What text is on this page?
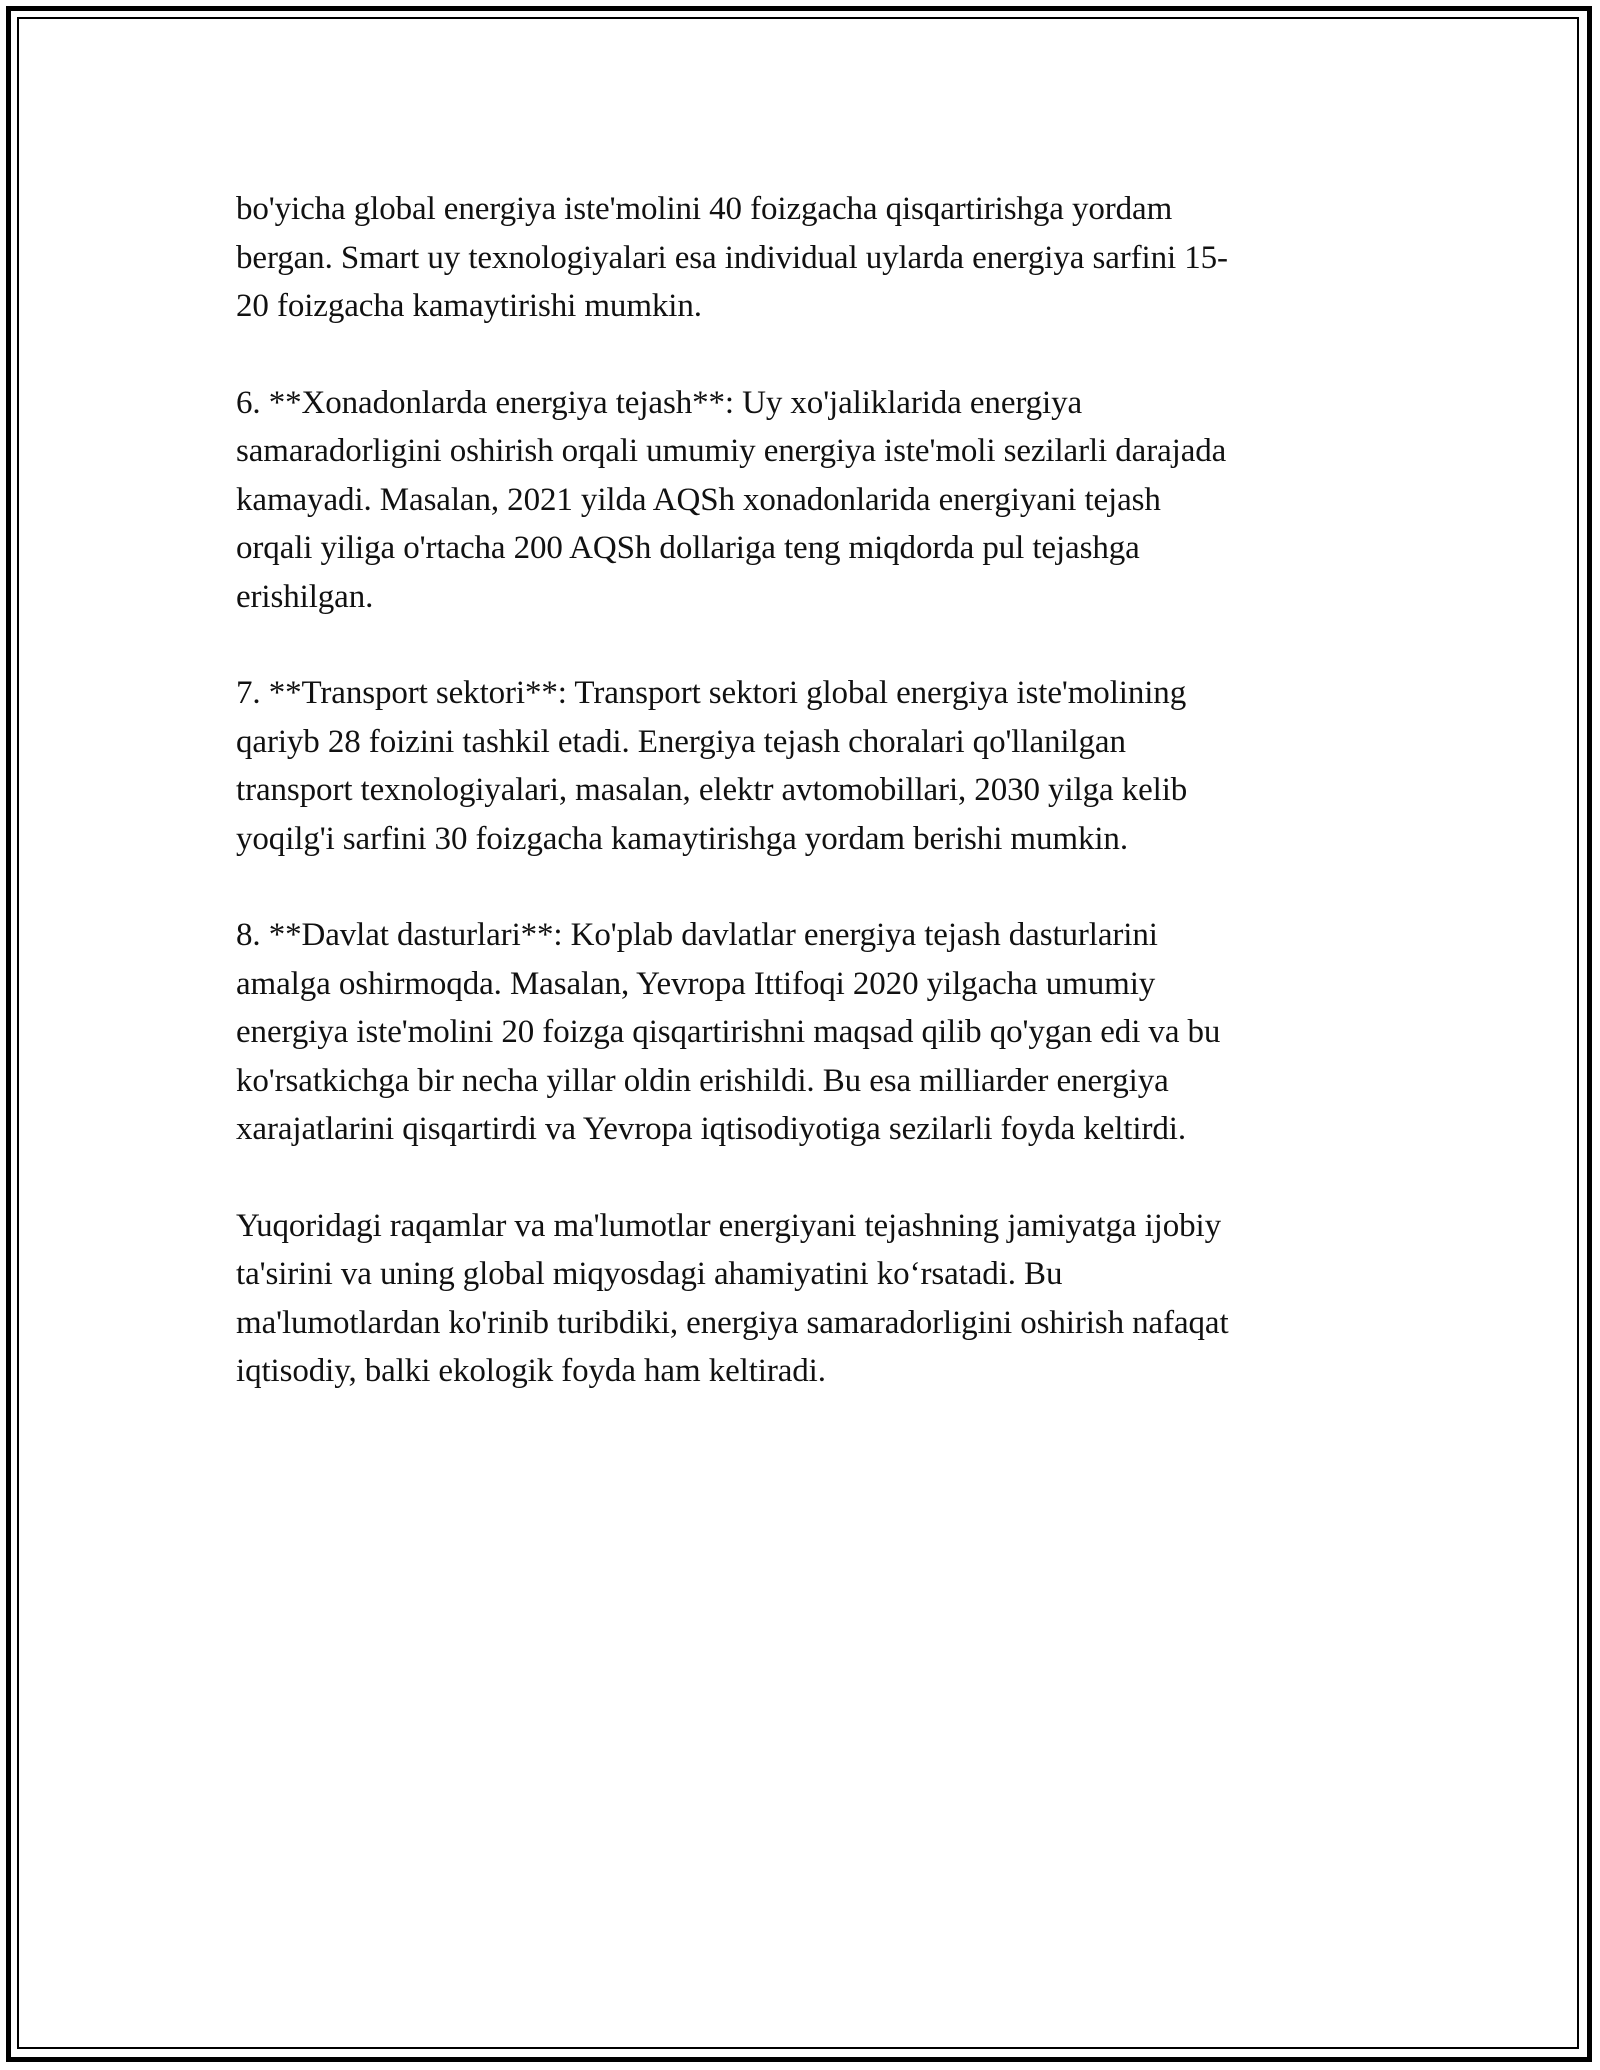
bo'yicha global energiya iste'molini 40 foizgacha qisqartirishga yordam
bergan. Smart uy texnologiyalari esa individual uylarda energiya sarfini 15-
20 foizgacha kamaytirishi mumkin.

6. **Xonadonlarda energiya tejash**: Uy xo'jaliklarida energiya
samaradorligini oshirish orqali umumiy energiya iste'moli sezilarli darajada
kamayadi. Masalan, 2021 yilda AQSh xonadonlarida energiyani tejash
orqali yiliga o'rtacha 200 AQSh dollariga teng miqdorda pul tejashga
erishilgan.

7. **Transport sektori**: Transport sektori global energiya iste'molining
qariyb 28 foizini tashkil etadi. Energiya tejash choralari qo'llanilgan
transport texnologiyalari, masalan, elektr avtomobillari, 2030 yilga kelib
yoqilg'i sarfini 30 foizgacha kamaytirishga yordam berishi mumkin.

8. **Davlat dasturlari**: Ko'plab davlatlar energiya tejash dasturlarini
amalga oshirmoqda. Masalan, Yevropa Ittifoqi 2020 yilgacha umumiy
energiya iste'molini 20 foizga qisqartirishni maqsad qilib qo'ygan edi va bu
ko'rsatkichga bir necha yillar oldin erishildi. Bu esa milliarder energiya
xarajatlarini qisqartirdi va Yevropa iqtisodiyotiga sezilarli foyda keltirdi.

Yuqoridagi raqamlar va ma'lumotlar energiyani tejashning jamiyatga ijobiy
ta'sirini va uning global miqyosdagi ahamiyatini ko‘rsatadi. Bu
ma'lumotlardan ko'rinib turibdiki, energiya samaradorligini oshirish nafaqat
iqtisodiy, balki ekologik foyda ham keltiradi.
